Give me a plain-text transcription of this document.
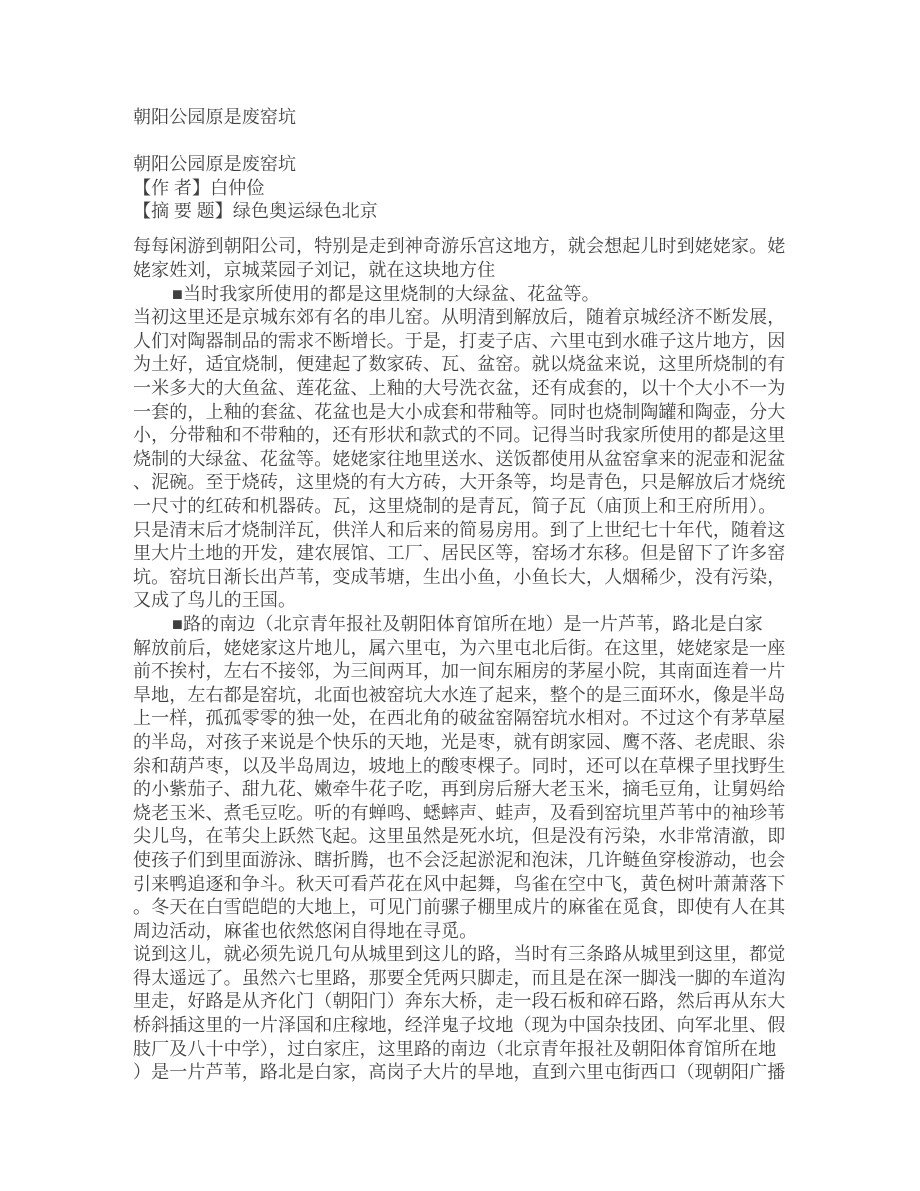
朝阳公园原是废窑坑
朝阳公园原是废窑坑
【作 者】白仲俭
【摘 要 题】绿色奥运绿色北京
每每闲游到朝阳公司，特别是走到神奇游乐宫这地方，就会想起儿时到姥姥家。姥
姥家姓刘，京城菜园子刘记，就在这块地方住
■当时我家所使用的都是这里烧制的大绿盆、花盆等。
当初这里还是京城东郊有名的串儿窑。从明清到解放后，随着京城经济不断发展，
人们对陶器制品的需求不断增长。于是，打麦子店、六里屯到水碓子这片地方，因
为土好，适宜烧制，便建起了数家砖、瓦、盆窑。就以烧盆来说，这里所烧制的有
一米多大的大鱼盆、莲花盆、上釉的大号洗衣盆，还有成套的，以十个大小不一为
一套的，上釉的套盆、花盆也是大小成套和带釉等。同时也烧制陶罐和陶壶，分大
小，分带釉和不带釉的，还有形状和款式的不同。记得当时我家所使用的都是这里
烧制的大绿盆、花盆等。姥姥家往地里送水、送饭都使用从盆窑拿来的泥壶和泥盆
、泥碗。至于烧砖，这里烧的有大方砖，大开条等，均是青色，只是解放后才烧统
一尺寸的红砖和机器砖。瓦，这里烧制的是青瓦，简子瓦（庙顶上和王府所用）。
只是清末后才烧制洋瓦，供洋人和后来的简易房用。到了上世纪七十年代，随着这
里大片土地的开发，建农展馆、工厂、居民区等，窑场才东移。但是留下了许多窑
坑。窑坑日渐长出芦苇，变成苇塘，生出小鱼，小鱼长大，人烟稀少，没有污染，
又成了鸟儿的王国。
■路的南边（北京青年报社及朝阳体育馆所在地）是一片芦苇，路北是白家
解放前后，姥姥家这片地儿，属六里屯，为六里屯北后街。在这里，姥姥家是一座
前不挨村，左右不接邻，为三间两耳，加一间东厢房的茅屋小院，其南面连着一片
旱地，左右都是窑坑，北面也被窑坑大水连了起来，整个的是三面环水，像是半岛
上一样，孤孤零零的独一处，在西北角的破盆窑隔窑坑水相对。不过这个有茅草屋
的半岛，对孩子来说是个快乐的天地，光是枣，就有朗家园、鹰不落、老虎眼、尜
尜和葫芦枣，以及半岛周边，坡地上的酸枣棵子。同时，还可以在草棵子里找野生
的小紫茄子、甜九花、嫩牵牛花子吃，再到房后掰大老玉米，摘毛豆角，让舅妈给
烧老玉米、煮毛豆吃。听的有蝉鸣、蟋蟀声、蛙声，及看到窑坑里芦苇中的袖珍苇
尖儿鸟，在苇尖上跃然飞起。这里虽然是死水坑，但是没有污染，水非常清澈，即
使孩子们到里面游泳、瞎折腾，也不会泛起淤泥和泡沫，几许鲢鱼穿梭游动，也会
引来鸭追逐和争斗。秋天可看芦花在风中起舞，鸟雀在空中飞，黄色树叶萧萧落下
。冬天在白雪皑皑的大地上，可见门前骡子棚里成片的麻雀在觅食，即使有人在其
周边活动，麻雀也依然悠闲自得地在寻觅。
说到这儿，就必须先说几句从城里到这儿的路，当时有三条路从城里到这里，都觉
得太遥远了。虽然六七里路，那要全凭两只脚走，而且是在深一脚浅一脚的车道沟
里走，好路是从齐化门（朝阳门）奔东大桥，走一段石板和碎石路，然后再从东大
桥斜插这里的一片泽国和庄稼地，经洋鬼子坟地（现为中国杂技团、向军北里、假
肢厂及八十中学），过白家庄，这里路的南边（北京青年报社及朝阳体育馆所在地
）是一片芦苇，路北是白家，高岗子大片的旱地，直到六里屯街西口（现朝阳广播
